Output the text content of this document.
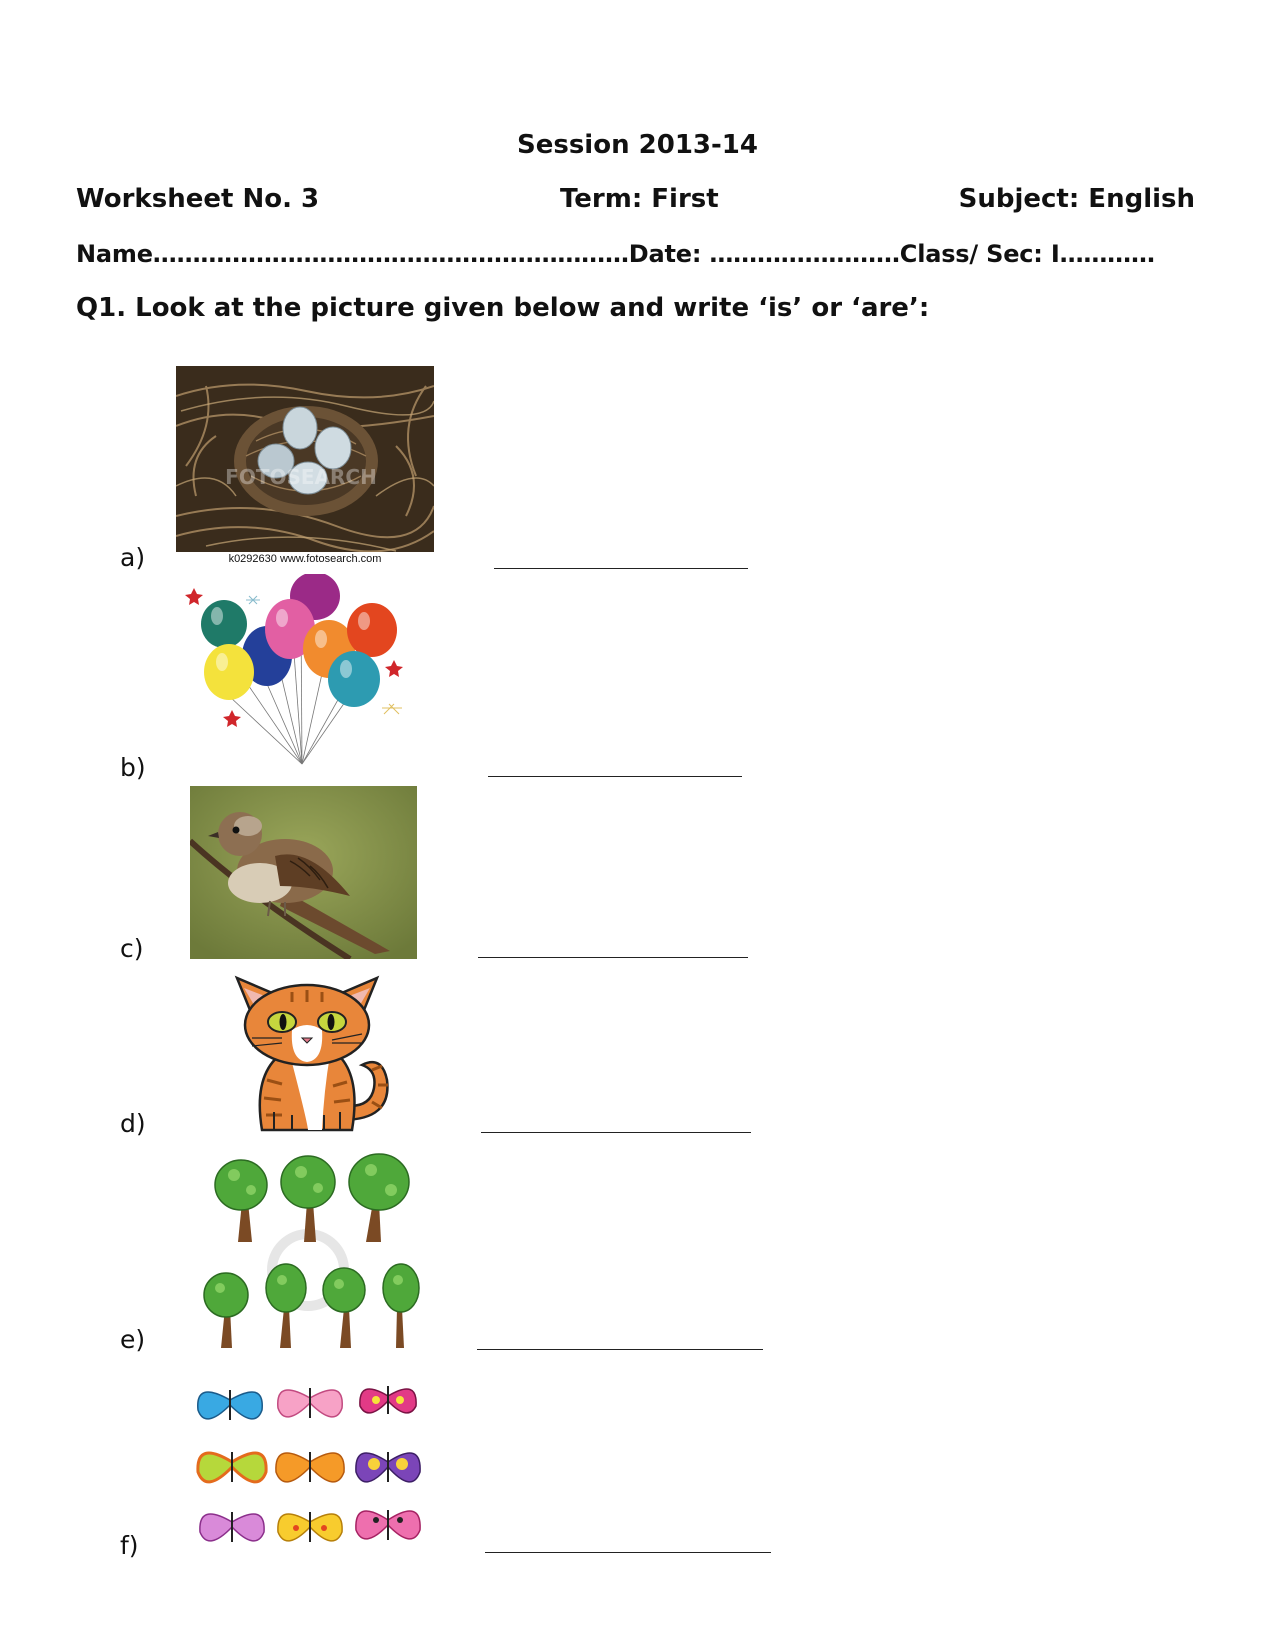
Session 2013-14
Worksheet No. 3	Term: First	Subject: English
Name……………………………………………………Date: ……………………Class/ Sec: I…………
Q1. Look at the picture given below and write ‘is’ or ‘are’:
a)
FOTOSEARCH
k0292630 www.fotosearch.com
b)
c)
d)
e)
f)
